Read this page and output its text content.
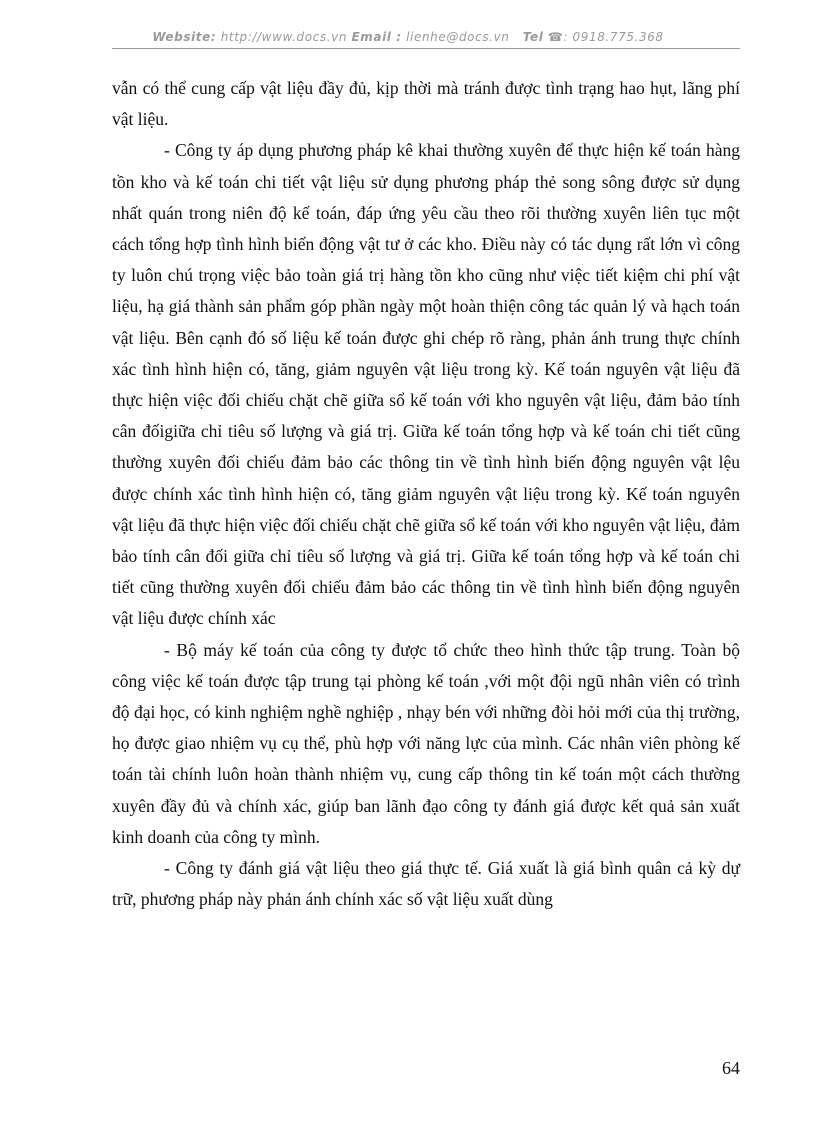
Website: http://www.docs.vn Email : lienhe@docs.vn Tel ☎: 0918.775.368

vẫn có thể cung cấp vật liệu đầy đủ, kịp thời mà tránh được tình trạng hao hụt, lãng phí vật liệu.

- Công ty áp dụng phương pháp kê khai thường xuyên để thực hiện kế toán hàng tồn kho và kế toán chi tiết vật liệu sử dụng phương pháp thẻ song sông được sử dụng nhất quán trong niên độ kế toán, đáp ứng yêu cầu theo rõi thường xuyên liên tục một cách tổng hợp tình hình biến động vật tư ở các kho. Điều này có tác dụng rất lớn vì công ty luôn chú trọng việc bảo toàn giá trị hàng tồn kho cũng như việc tiết kiệm chi phí vật liệu, hạ giá thành sản phẩm góp phần ngày một hoàn thiện công tác quản lý và hạch toán vật liệu. Bên cạnh đó số liệu kế toán được ghi chép rõ ràng, phản ánh trung thực chính xác tình hình hiện có, tăng, giảm nguyên vật liệu trong kỳ. Kế toán nguyên vật liệu đã thực hiện việc đối chiếu chặt chẽ giữa sổ kế toán với kho nguyên vật liệu, đảm bảo tính cân đốigiữa chỉ tiêu số lượng và giá trị. Giữa kế toán tổng hợp và kế toán chi tiết cũng thường xuyên đối chiếu đảm bảo các thông tin về tình hình biến động nguyên vật lệu được chính xác tình hình hiện có, tăng giảm nguyên vật liệu trong kỳ. Kế toán nguyên vật liệu đã thực hiện việc đối chiếu chặt chẽ giữa sổ kế toán với kho nguyên vật liệu, đảm bảo tính cân đối giữa chỉ tiêu số lượng và giá trị. Giữa kế toán tổng hợp và kế toán chi tiết cũng thường xuyên đối chiếu đảm bảo các thông tin về tình hình biến động nguyên vật liệu được chính xác

- Bộ máy kế toán của công ty được tổ chức theo hình thức tập trung. Toàn bộ công việc kế toán được tập trung tại phòng kế toán ,với một đội ngũ nhân viên có trình độ đại học, có kinh nghiệm nghề nghiệp , nhạy bén với những đòi hỏi mới của thị trường, họ được giao nhiệm vụ cụ thể, phù hợp với năng lực của mình. Các nhân viên phòng kế toán tài chính luôn hoàn thành nhiệm vụ, cung cấp thông tin kế toán một cách thường xuyên đầy đủ và chính xác, giúp ban lãnh đạo công ty đánh giá được kết quả sản xuất kinh doanh của công ty mình.

- Công ty đánh giá vật liệu theo giá thực tế. Giá xuất là giá bình quân cả kỳ dự trữ, phương pháp này phản ánh chính xác số vật liệu xuất dùng

64
